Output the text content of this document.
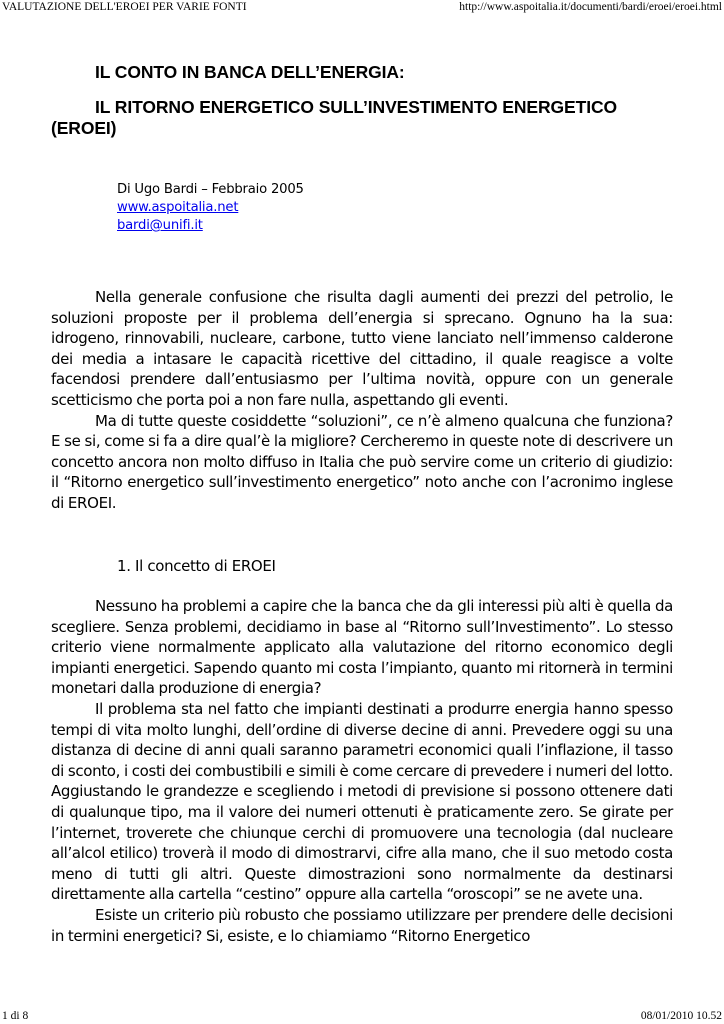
VALUTAZIONE DELL'EROEI PER VARIE FONTI	http://www.aspoitalia.it/documenti/bardi/eroei/eroei.html
IL CONTO IN BANCA DELL’ENERGIA:
IL RITORNO ENERGETICO SULL’INVESTIMENTO ENERGETICO (EROEI)
Di Ugo Bardi – Febbraio 2005
www.aspoitalia.net
bardi@unifi.it

Nella generale confusione che risulta dagli aumenti dei prezzi del petrolio, le soluzioni proposte per il problema dell’energia si sprecano. Ognuno ha la sua: idrogeno, rinnovabili, nucleare, carbone, tutto viene lanciato nell’immenso calderone dei media a intasare le capacità ricettive del cittadino, il quale reagisce a volte facendosi prendere dall’entusiasmo per l’ultima novità, oppure con un generale scetticismo che porta poi a non fare nulla, aspettando gli eventi.

Ma di tutte queste cosiddette “soluzioni”, ce n’è almeno qualcuna che funziona? E se si, come si fa a dire qual’è la migliore? Cercheremo in queste note di descrivere un concetto ancora non molto diffuso in Italia che può servire come un criterio di giudizio: il “Ritorno energetico sull’investimento energetico” noto anche con l’acronimo inglese di EROEI.

1. Il concetto di EROEI

Nessuno ha problemi a capire che la banca che da gli interessi più alti è quella da scegliere. Senza problemi, decidiamo in base al “Ritorno sull’Investimento”. Lo stesso criterio viene normalmente applicato alla valutazione del ritorno economico degli impianti energetici. Sapendo quanto mi costa l’impianto, quanto mi ritornerà in termini monetari dalla produzione di energia?

Il problema sta nel fatto che impianti destinati a produrre energia hanno spesso tempi di vita molto lunghi, dell’ordine di diverse decine di anni. Prevedere oggi su una distanza di decine di anni quali saranno parametri economici quali l’inflazione, il tasso di sconto, i costi dei combustibili e simili è come cercare di prevedere i numeri del lotto. Aggiustando le grandezze e scegliendo i metodi di previsione si possono ottenere dati di qualunque tipo, ma il valore dei numeri ottenuti è praticamente zero. Se girate per l’internet, troverete che chiunque cerchi di promuovere una tecnologia (dal nucleare all’alcol etilico) troverà il modo di dimostrarvi, cifre alla mano, che il suo metodo costa meno di tutti gli altri. Queste dimostrazioni sono normalmente da destinarsi direttamente alla cartella “cestino” oppure alla cartella “oroscopi” se ne avete una.

Esiste un criterio più robusto che possiamo utilizzare per prendere delle decisioni in termini energetici? Si, esiste, e lo chiamiamo “Ritorno Energetico

1 di 8	08/01/2010 10.52
